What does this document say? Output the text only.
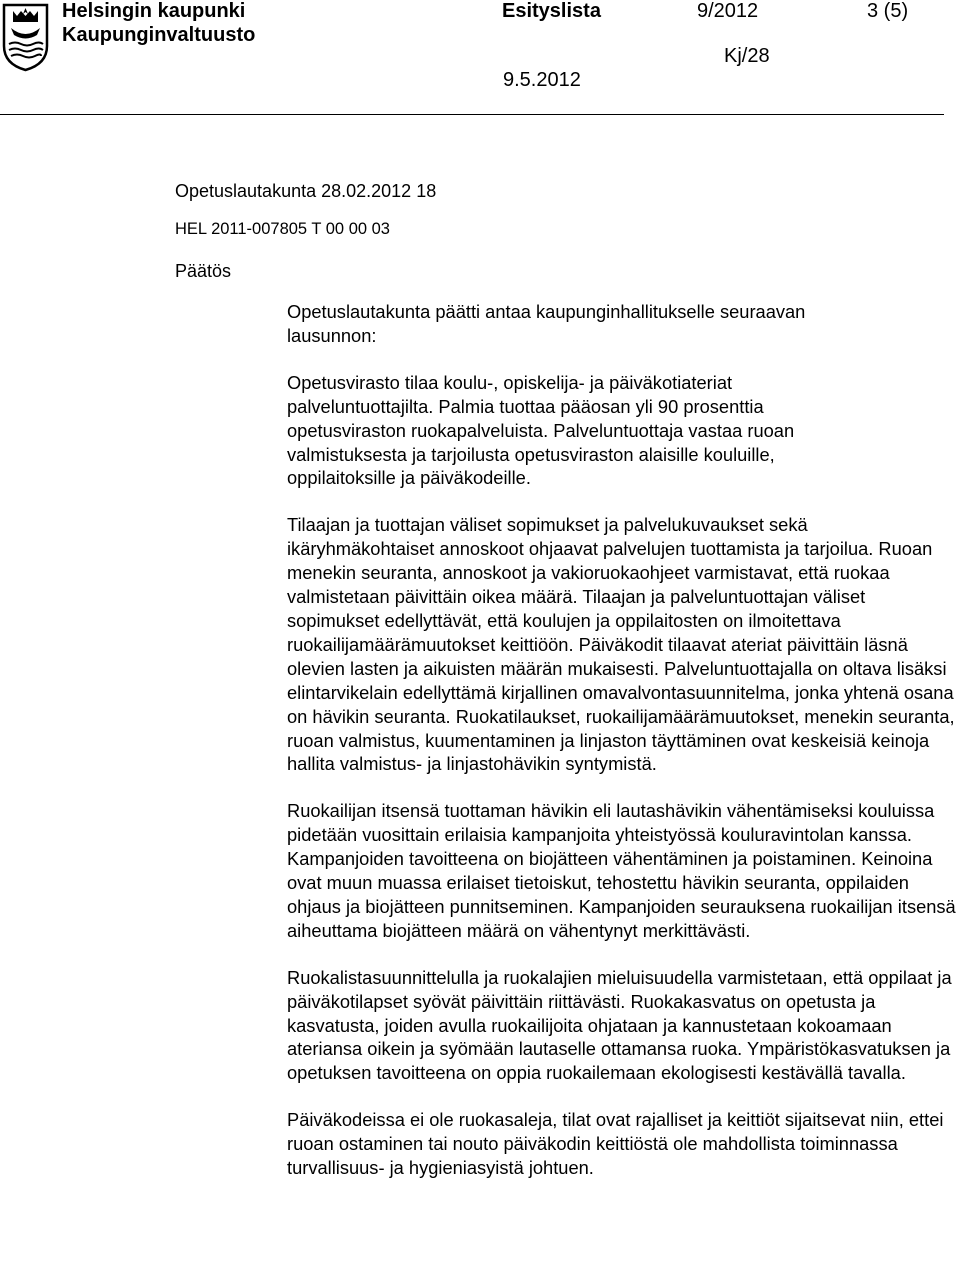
Helsingin kaupunki
Kaupunginvaltuusto
Esityslista	9/2012	3 (5)
Kj/28
9.5.2012
Opetuslautakunta 28.02.2012 18
HEL 2011-007805 T 00 00 03
Päätös

Opetuslautakunta päätti antaa kaupunginhallitukselle seuraavan lausunnon:

Opetusvirasto tilaa koulu-, opiskelija- ja päiväkotiateriat palveluntuottajilta. Palmia tuottaa pääosan yli 90 prosenttia opetusviraston ruokapalveluista. Palveluntuottaja vastaa ruoan valmistuksesta ja tarjoilusta opetusviraston alaisille kouluille, oppilaitoksille ja päiväkodeille.

Tilaajan ja tuottajan väliset sopimukset ja palvelukuvaukset sekä ikäryhmäkohtaiset annoskoot ohjaavat palvelujen tuottamista ja tarjoilua. Ruoan menekin seuranta, annoskoot ja vakioruokaohjeet varmistavat, että ruokaa valmistetaan päivittäin oikea määrä. Tilaajan ja palveluntuottajan väliset sopimukset edellyttävät, että koulujen ja oppilaitosten on ilmoitettava ruokailijamäärämuutokset keittiöön. Päiväkodit tilaavat ateriat päivittäin läsnä olevien lasten ja aikuisten määrän mukaisesti. Palveluntuottajalla on oltava lisäksi elintarvikelain edellyttämä kirjallinen omavalvontasuunnitelma, jonka yhtenä osana on hävikin seuranta. Ruokatilaukset, ruokailijamäärämuutokset, menekin seuranta, ruoan valmistus, kuumentaminen ja linjaston täyttäminen ovat keskeisiä keinoja hallita valmistus- ja linjastohävikin syntymistä.

Ruokailijan itsensä tuottaman hävikin eli lautashävikin vähentämiseksi kouluissa pidetään vuosittain erilaisia kampanjoita yhteistyössä kouluravintolan kanssa. Kampanjoiden tavoitteena on biojätteen vähentäminen ja poistaminen. Keinoina ovat muun muassa erilaiset tietoiskut, tehostettu hävikin seuranta, oppilaiden ohjaus ja biojätteen punnitseminen. Kampanjoiden seurauksena ruokailijan itsensä aiheuttama biojätteen määrä on vähentynyt merkittävästi.

Ruokalistasuunnittelulla ja ruokalajien mieluisuudella varmistetaan, että oppilaat ja päiväkotilapset syövät päivittäin riittävästi. Ruokakasvatus on opetusta ja kasvatusta, joiden avulla ruokailijoita ohjataan ja kannustetaan kokoamaan ateriansa oikein ja syömään lautaselle ottamansa ruoka. Ympäristökasvatuksen ja opetuksen tavoitteena on oppia ruokailemaan ekologisesti kestävällä tavalla.

Päiväkodeissa ei ole ruokasaleja, tilat ovat rajalliset ja keittiöt sijaitsevat niin, ettei ruoan ostaminen tai nouto päiväkodin keittiöstä ole mahdollista toiminnassa turvallisuus- ja hygieniasyistä johtuen.
